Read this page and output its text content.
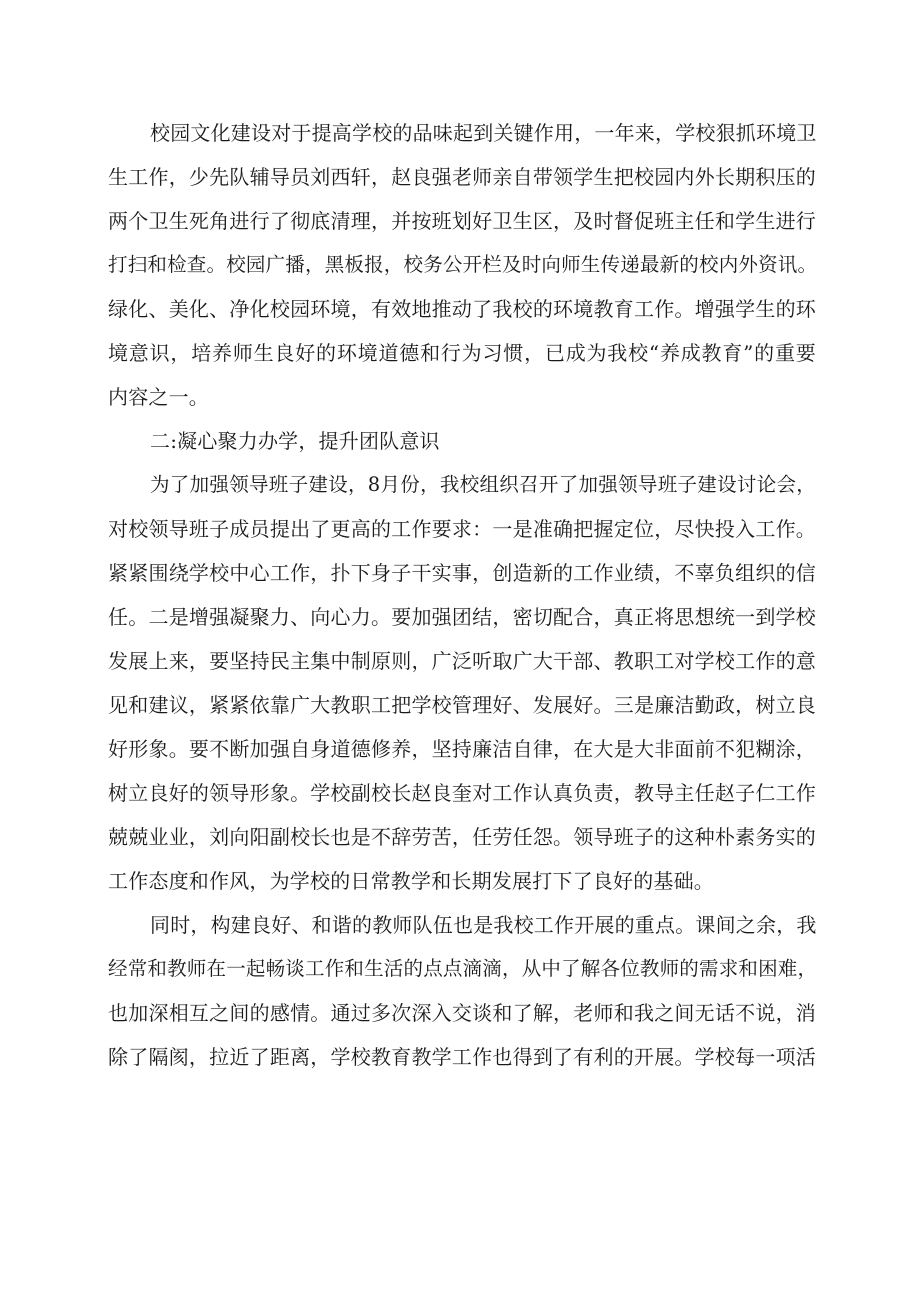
校园文化建设对于提高学校的品味起到关键作用，一年来，学校狠抓环境卫
生工作，少先队辅导员刘西轩，赵良强老师亲自带领学生把校园内外长期积压的
两个卫生死角进行了彻底清理，并按班划好卫生区，及时督促班主任和学生进行
打扫和检查。校园广播，黑板报，校务公开栏及时向师生传递最新的校内外资讯。
绿化、美化、净化校园环境，有效地推动了我校的环境教育工作。增强学生的环
境意识，培养师生良好的环境道德和行为习惯，已成为我校“养成教育”的重要
内容之一。
二:凝心聚力办学，提升团队意识
为了加强领导班子建设，8月份，我校组织召开了加强领导班子建设讨论会，
对校领导班子成员提出了更高的工作要求：一是准确把握定位，尽快投入工作。
紧紧围绕学校中心工作，扑下身子干实事，创造新的工作业绩，不辜负组织的信
任。二是增强凝聚力、向心力。要加强团结，密切配合，真正将思想统一到学校
发展上来，要坚持民主集中制原则，广泛听取广大干部、教职工对学校工作的意
见和建议，紧紧依靠广大教职工把学校管理好、发展好。三是廉洁勤政，树立良
好形象。要不断加强自身道德修养，坚持廉洁自律，在大是大非面前不犯糊涂，
树立良好的领导形象。学校副校长赵良奎对工作认真负责，教导主任赵子仁工作
兢兢业业，刘向阳副校长也是不辞劳苦，任劳任怨。领导班子的这种朴素务实的
工作态度和作风，为学校的日常教学和长期发展打下了良好的基础。
同时，构建良好、和谐的教师队伍也是我校工作开展的重点。课间之余，我
经常和教师在一起畅谈工作和生活的点点滴滴，从中了解各位教师的需求和困难，
也加深相互之间的感情。通过多次深入交谈和了解，老师和我之间无话不说，消
除了隔阂，拉近了距离，学校教育教学工作也得到了有利的开展。学校每一项活
